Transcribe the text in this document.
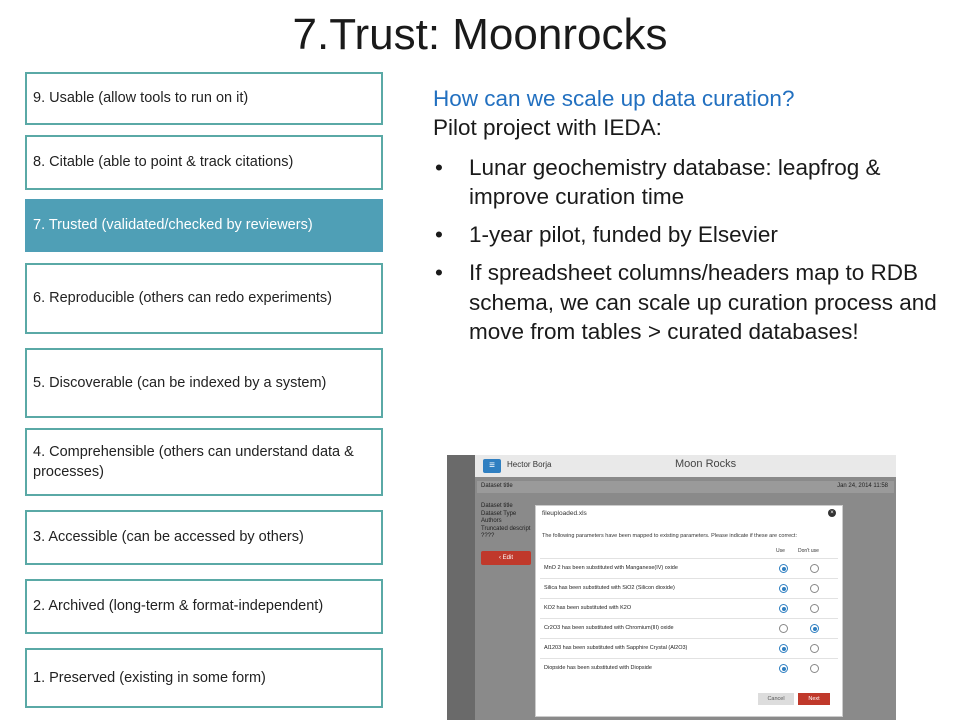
7.Trust: Moonrocks
9. Usable (allow tools to run on it)
8. Citable (able to point & track citations)
7. Trusted (validated/checked by reviewers)
6. Reproducible (others can redo experiments)
5. Discoverable (can be indexed by a system)
4. Comprehensible (others can understand data & processes)
3. Accessible (can be accessed by others)
2. Archived (long-term & format-independent)
1. Preserved (existing in some form)
How can we scale up data curation?
Pilot project with IEDA:
• Lunar geochemistry database: leapfrog & improve curation time
• 1-year pilot, funded by Elsevier
• If spreadsheet columns/headers map to RDB schema, we can scale up curation process and move from tables > curated databases!
≡	Hector Borja	Moon Rocks
Dataset title	Jan 24, 2014 11:58
Dataset title
Dataset Type
Authors
Truncated descript
????
‹ Edit
fileuploaded.xls	×
The following parameters have been mapped to existing parameters. Please indicate if these are correct:
Use	Don't use
MnO 2 has been substituted with Manganese(IV) oxide
Silica has been substituted with SiO2 (Silicon dioxide)
KO2 has been substituted with K2O
Cr2O3 has been substituted with Chromium(III) oxide
Al1203 has been substituted with Sapphire Crystal (Al2O3)
Diopside has been substituted with Diopside
Cancel	Next
